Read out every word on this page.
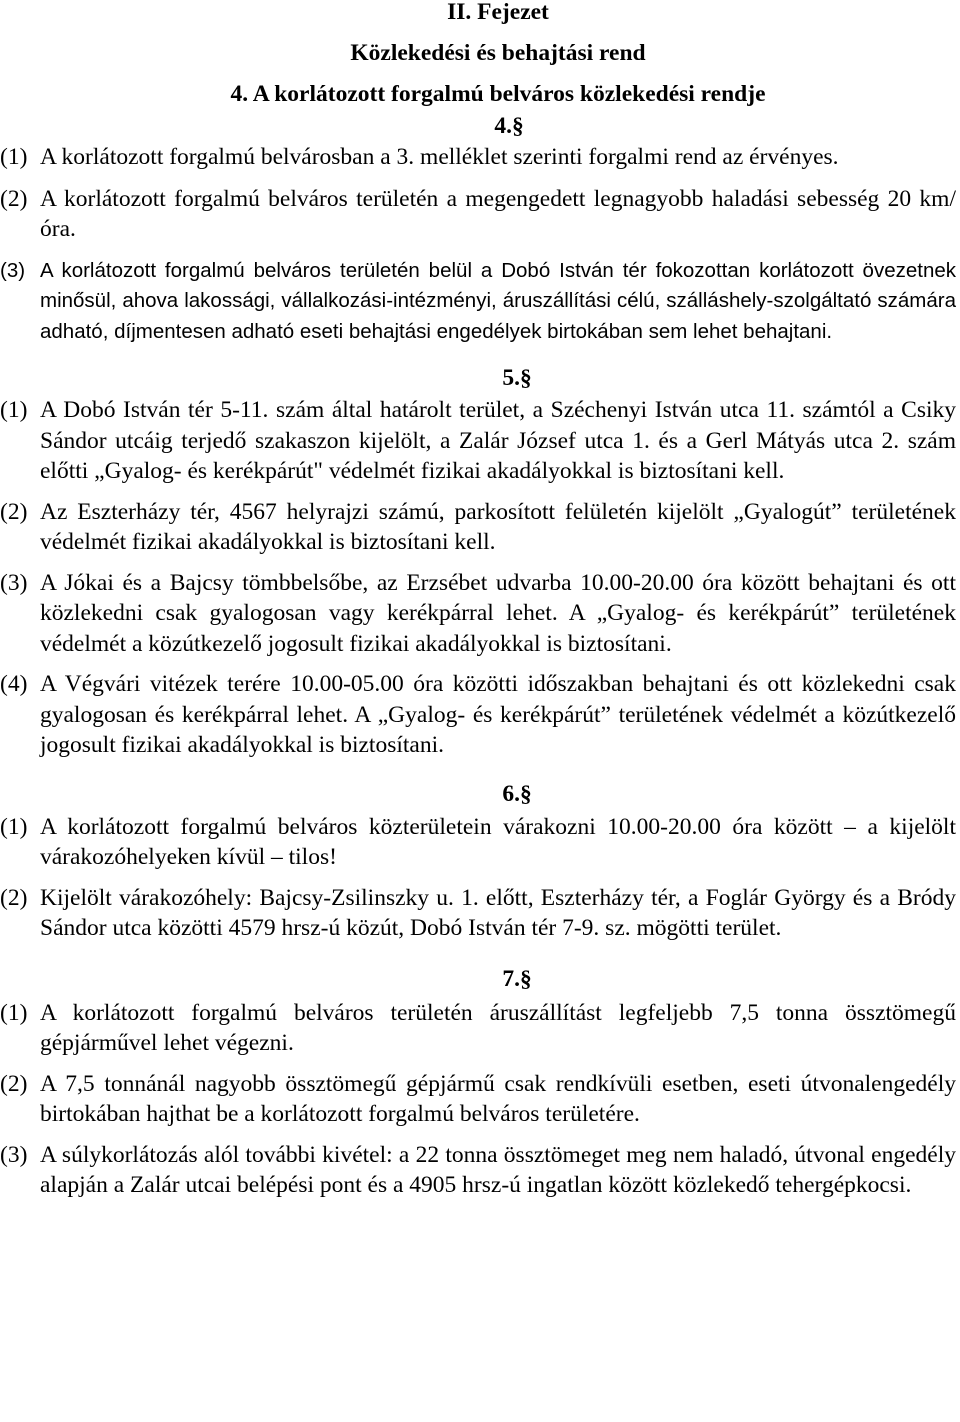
II. Fejezet

Közlekedési és behajtási rend

4. A korlátozott forgalmú belváros közlekedési rendje

4.§

(1) A korlátozott forgalmú belvárosban a 3. melléklet szerinti forgalmi rend az érvényes.
(2) A korlátozott forgalmú belváros területén a megengedett legnagyobb haladási sebesség 20 km/óra.
(3) A korlátozott forgalmú belváros területén belül a Dobó István tér fokozottan korlátozott övezetnek minősül, ahova lakossági, vállalkozási-intézményi, áruszállítási célú, szálláshely-szolgáltató számára adható, díjmentesen adható eseti behajtási engedélyek birtokában sem lehet behajtani.

5.§

(1) A Dobó István tér 5-11. szám által határolt terület, a Széchenyi István utca 11. számtól a Csiky Sándor utcáig terjedő szakaszon kijelölt, a Zalár József utca 1. és a Gerl Mátyás utca 2. szám előtti „Gyalog- és kerékpárút" védelmét fizikai akadályokkal is biztosítani kell.
(2) Az Eszterházy tér, 4567 helyrajzi számú, parkosított felületén kijelölt „Gyalogút” területének védelmét fizikai akadályokkal is biztosítani kell.
(3) A Jókai és a Bajcsy tömbbelsőbe, az Erzsébet udvarba 10.00-20.00 óra között behajtani és ott közlekedni csak gyalogosan vagy kerékpárral lehet. A „Gyalog- és kerékpárút” területének védelmét a közútkezelő jogosult fizikai akadályokkal is biztosítani.
(4) A Végvári vitézek terére 10.00-05.00 óra közötti időszakban behajtani és ott közlekedni csak gyalogosan és kerékpárral lehet. A „Gyalog- és kerékpárút” területének védelmét a közútkezelő jogosult fizikai akadályokkal is biztosítani.

6.§

(1) A korlátozott forgalmú belváros közterületein várakozni 10.00-20.00 óra között – a kijelölt várakozóhelyeken kívül – tilos!
(2) Kijelölt várakozóhely: Bajcsy-Zsilinszky u. 1. előtt, Eszterházy tér, a Foglár György és a Bródy Sándor utca közötti 4579 hrsz-ú közút, Dobó István tér 7-9. sz. mögötti terület.

7.§

(1) A korlátozott forgalmú belváros területén áruszállítást legfeljebb 7,5 tonna össztömegű gépjárművel lehet végezni.
(2) A 7,5 tonnánál nagyobb össztömegű gépjármű csak rendkívüli esetben, eseti útvonalengedély birtokában hajthat be a korlátozott forgalmú belváros területére.
(3) A súlykorlátozás alól további kivétel: a 22 tonna össztömeget meg nem haladó, útvonal engedély alapján a Zalár utcai belépési pont és a 4905 hrsz-ú ingatlan között közlekedő tehergépkocsi.
